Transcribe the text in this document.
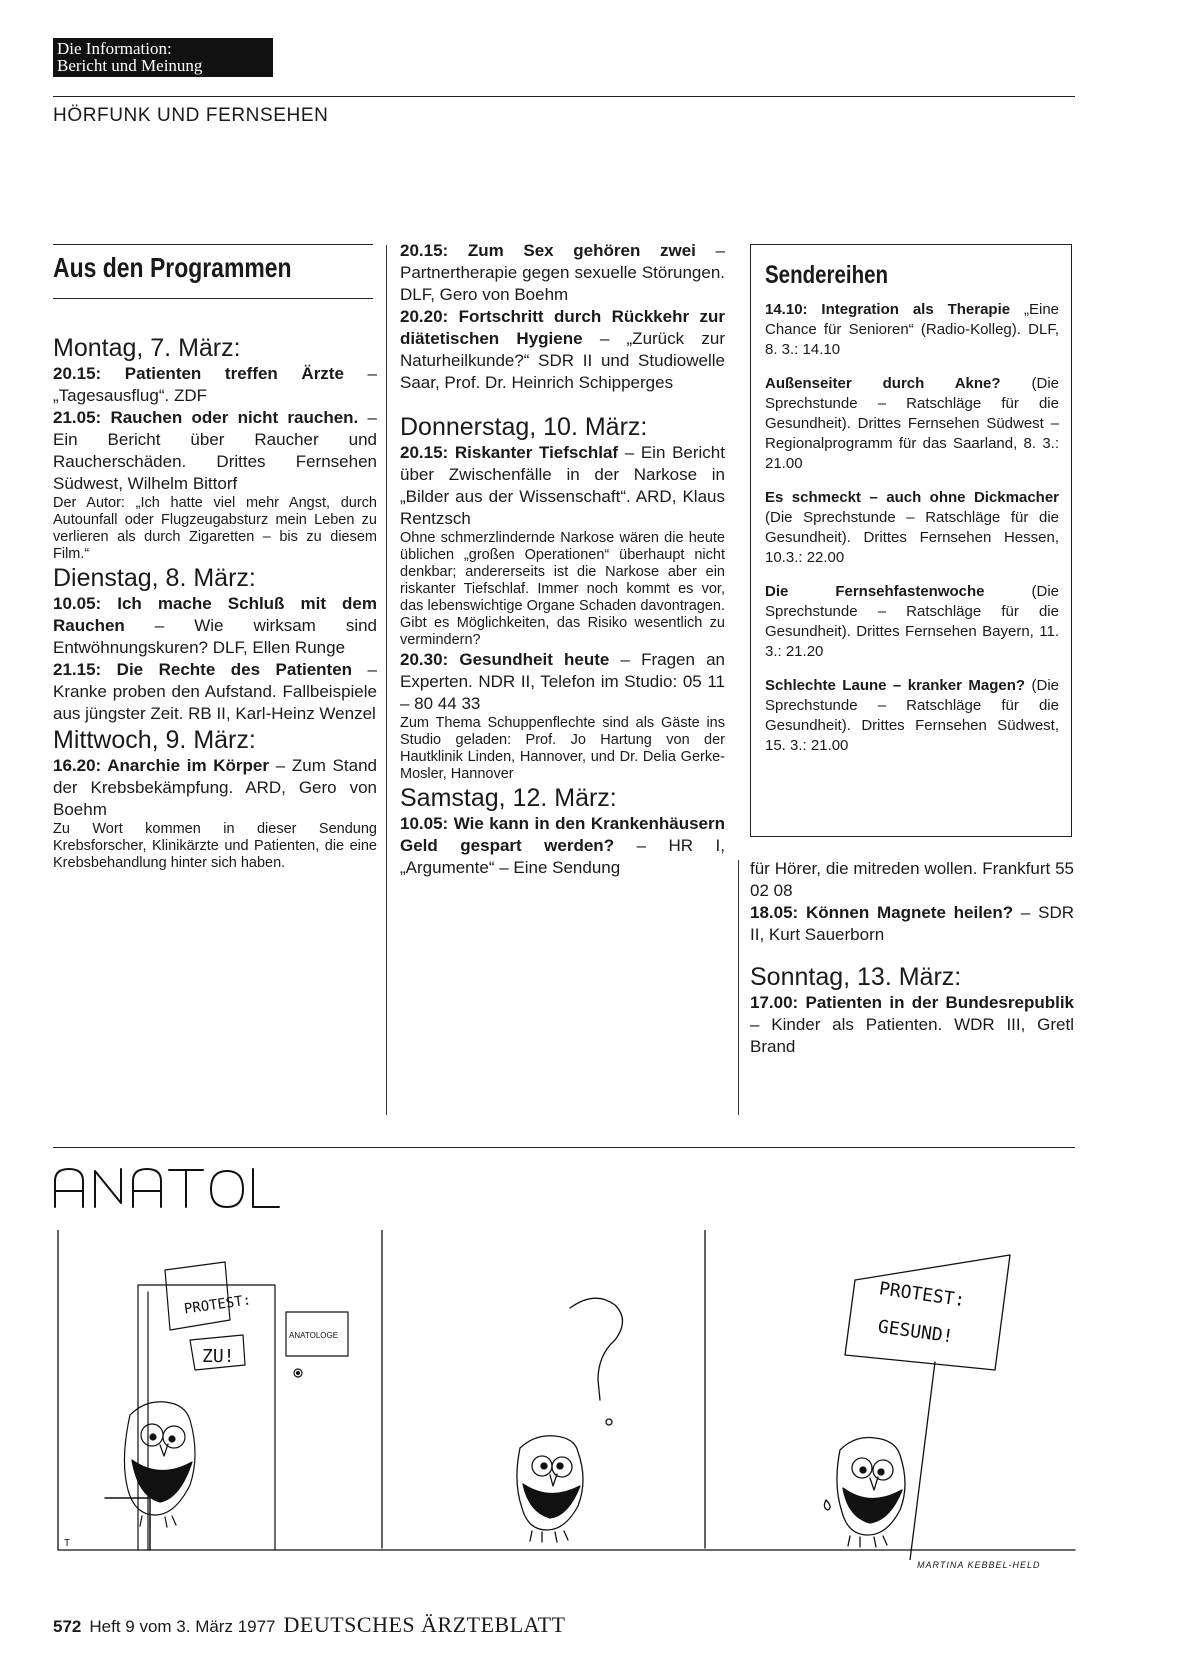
Die Information:
Bericht und Meinung
HÖRFUNK UND FERNSEHEN
Aus den Programmen

Montag, 7. März:

20.15: Patienten treffen Ärzte – „Tagesausflug“. ZDF

21.05: Rauchen oder nicht rauchen. – Ein Bericht über Raucher und Raucherschäden. Drittes Fernsehen Südwest, Wilhelm Bittorf

Der Autor: „Ich hatte viel mehr Angst, durch Autounfall oder Flugzeugabsturz mein Leben zu verlieren als durch Zigaretten – bis zu diesem Film.“

Dienstag, 8. März:

10.05: Ich mache Schluß mit dem Rauchen – Wie wirksam sind Entwöhnungskuren? DLF, Ellen Runge

21.15: Die Rechte des Patienten – Kranke proben den Aufstand. Fallbeispiele aus jüngster Zeit. RB II, Karl-Heinz Wenzel

Mittwoch, 9. März:

16.20: Anarchie im Körper – Zum Stand der Krebsbekämpfung. ARD, Gero von Boehm

Zu Wort kommen in dieser Sendung Krebsforscher, Klinikärzte und Patienten, die eine Krebsbehandlung hinter sich haben.

20.15: Zum Sex gehören zwei – Partnertherapie gegen sexuelle Störungen. DLF, Gero von Boehm

20.20: Fortschritt durch Rückkehr zur diätetischen Hygiene – „Zurück zur Naturheilkunde?“ SDR II und Studiowelle Saar, Prof. Dr. Heinrich Schipperges

Donnerstag, 10. März:

20.15: Riskanter Tiefschlaf – Ein Bericht über Zwischenfälle in der Narkose in „Bilder aus der Wissenschaft“. ARD, Klaus Rentzsch

Ohne schmerzlindernde Narkose wären die heute üblichen „großen Operationen“ überhaupt nicht denkbar; andererseits ist die Narkose aber ein riskanter Tiefschlaf. Immer noch kommt es vor, das lebenswichtige Organe Schaden davontragen. Gibt es Möglichkeiten, das Risiko wesentlich zu vermindern?

20.30: Gesundheit heute – Fragen an Experten. NDR II, Telefon im Studio: 05 11 – 80 44 33

Zum Thema Schuppenflechte sind als Gäste ins Studio geladen: Prof. Jo Hartung von der Hautklinik Linden, Hannover, und Dr. Delia Gerke-Mosler, Hannover

Samstag, 12. März:

10.05: Wie kann in den Krankenhäusern Geld gespart werden? – HR I, „Argumente“ – Eine Sendung

Sendereihen
14.10: Integration als Therapie „Eine Chance für Senioren“ (Radio-Kolleg). DLF, 8. 3.: 14.10
Außenseiter durch Akne? (Die Sprechstunde – Ratschläge für die Gesundheit). Drittes Fernsehen Südwest – Regionalprogramm für das Saarland, 8. 3.: 21.00
Es schmeckt – auch ohne Dickmacher (Die Sprechstunde – Ratschläge für die Gesundheit). Drittes Fernsehen Hessen, 10.3.: 22.00
Die Fernsehfastenwoche (Die Sprechstunde – Ratschläge für die Gesundheit). Drittes Fernsehen Bayern, 11. 3.: 21.20
Schlechte Laune – kranker Magen? (Die Sprechstunde – Ratschläge für die Gesundheit). Drittes Fernsehen Südwest, 15. 3.: 21.00

für Hörer, die mitreden wollen. Frankfurt 55 02 08

18.05: Können Magnete heilen? – SDR II, Kurt Sauerborn

Sonntag, 13. März:

17.00: Patienten in der Bundesrepublik – Kinder als Patienten. WDR III, Gretl Brand

PROTEST:
ZU!
ANATOLOGE
PROTEST:
GESUND!
T
MARTINA KEBBEL-HELD
572 Heft 9 vom 3. März 1977 DEUTSCHES ÄRZTEBLATT
